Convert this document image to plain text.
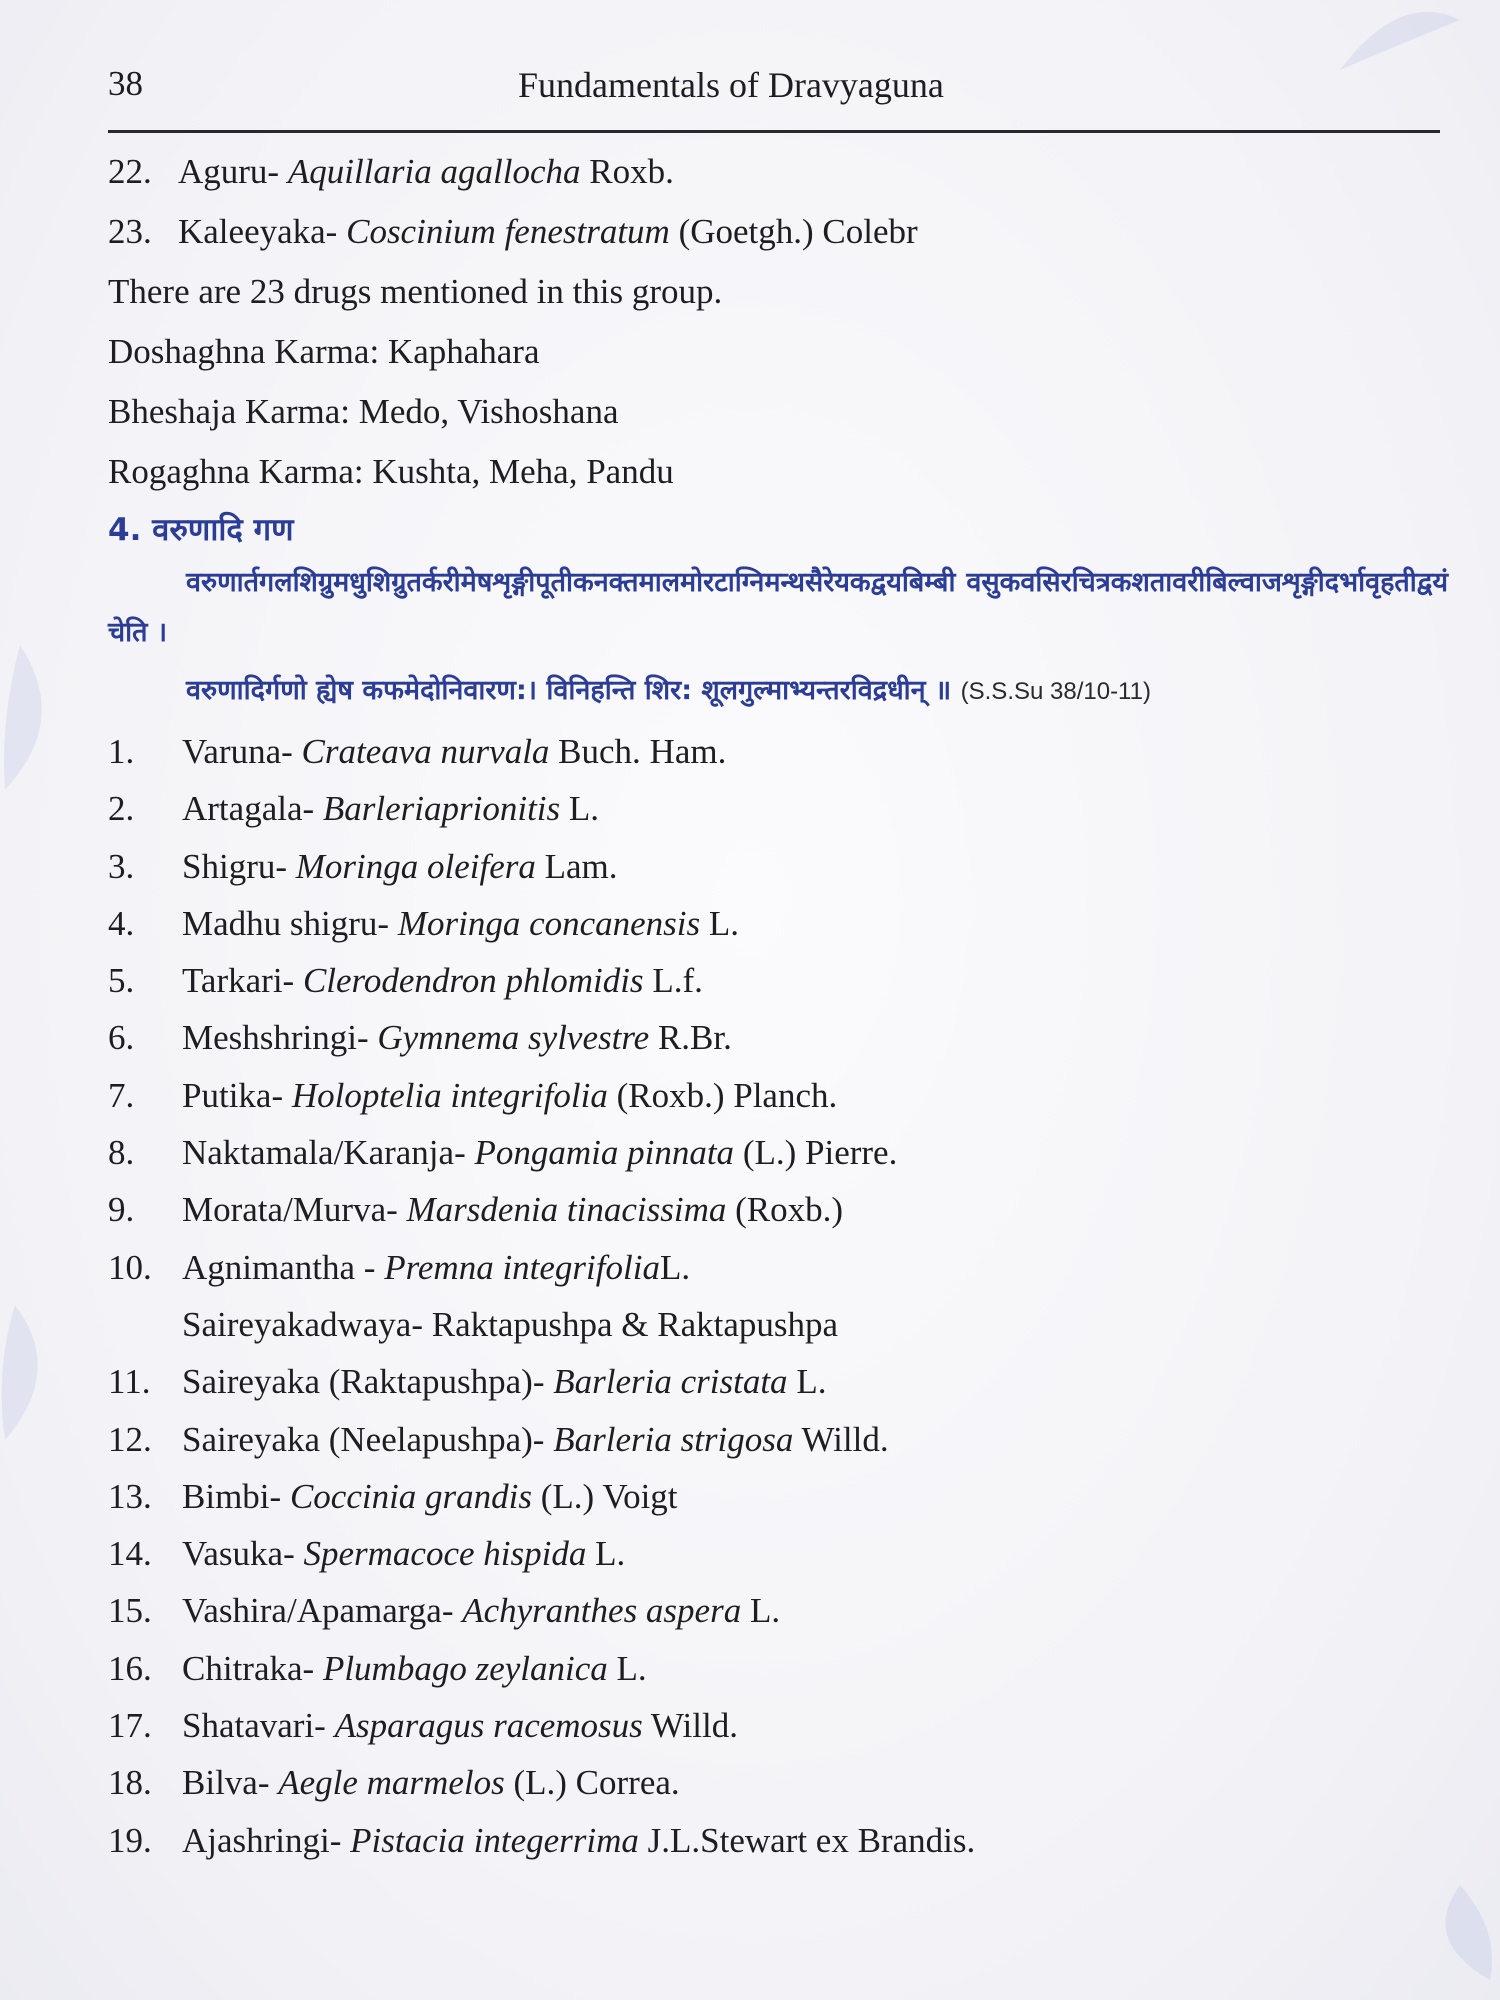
38	Fundamentals of Dravyaguna
22. Aguru- Aquillaria agallocha Roxb.
23. Kaleeyaka- Coscinium fenestratum (Goetgh.) Colebr
There are 23 drugs mentioned in this group.
Doshaghna Karma: Kaphahara
Bheshaja Karma: Medo, Vishoshana
Rogaghna Karma: Kushta, Meha, Pandu
4. वरुणादि गण
वरुणार्तगलशिग्रुमधुशिग्रुतर्करीमेषशृङ्गीपूतीकनक्तमालमोरटाग्निमन्थसैरेयकद्वयबिम्बी वसुकवसिरचित्रकशतावरीबिल्वाजशृङ्गीदर्भावृहतीद्वयं चेति ।
वरुणादिर्गणो ह्येष कफमेदोनिवारण:। विनिहन्ति शिर: शूलगुल्माभ्यन्तरविद्रधीन् ॥ (S.S.Su 38/10-11)
1. Varuna- Crateava nurvala Buch. Ham.
2. Artagala- Barleriaprionitis L.
3. Shigru- Moringa oleifera Lam.
4. Madhu shigru- Moringa concanensis L.
5. Tarkari- Clerodendron phlomidis L.f.
6. Meshshringi- Gymnema sylvestre R.Br.
7. Putika- Holoptelia integrifolia (Roxb.) Planch.
8. Naktamala/Karanja- Pongamia pinnata (L.) Pierre.
9. Morata/Murva- Marsdenia tinacissima (Roxb.)
10. Agnimantha - Premna integrifoliaL.
Saireyakadwaya- Raktapushpa & Raktapushpa
11. Saireyaka (Raktapushpa)- Barleria cristata L.
12. Saireyaka (Neelapushpa)- Barleria strigosa Willd.
13. Bimbi- Coccinia grandis (L.) Voigt
14. Vasuka- Spermacoce hispida L.
15. Vashira/Apamarga- Achyranthes aspera L.
16. Chitraka- Plumbago zeylanica L.
17. Shatavari- Asparagus racemosus Willd.
18. Bilva- Aegle marmelos (L.) Correa.
19. Ajashringi- Pistacia integerrima J.L.Stewart ex Brandis.
